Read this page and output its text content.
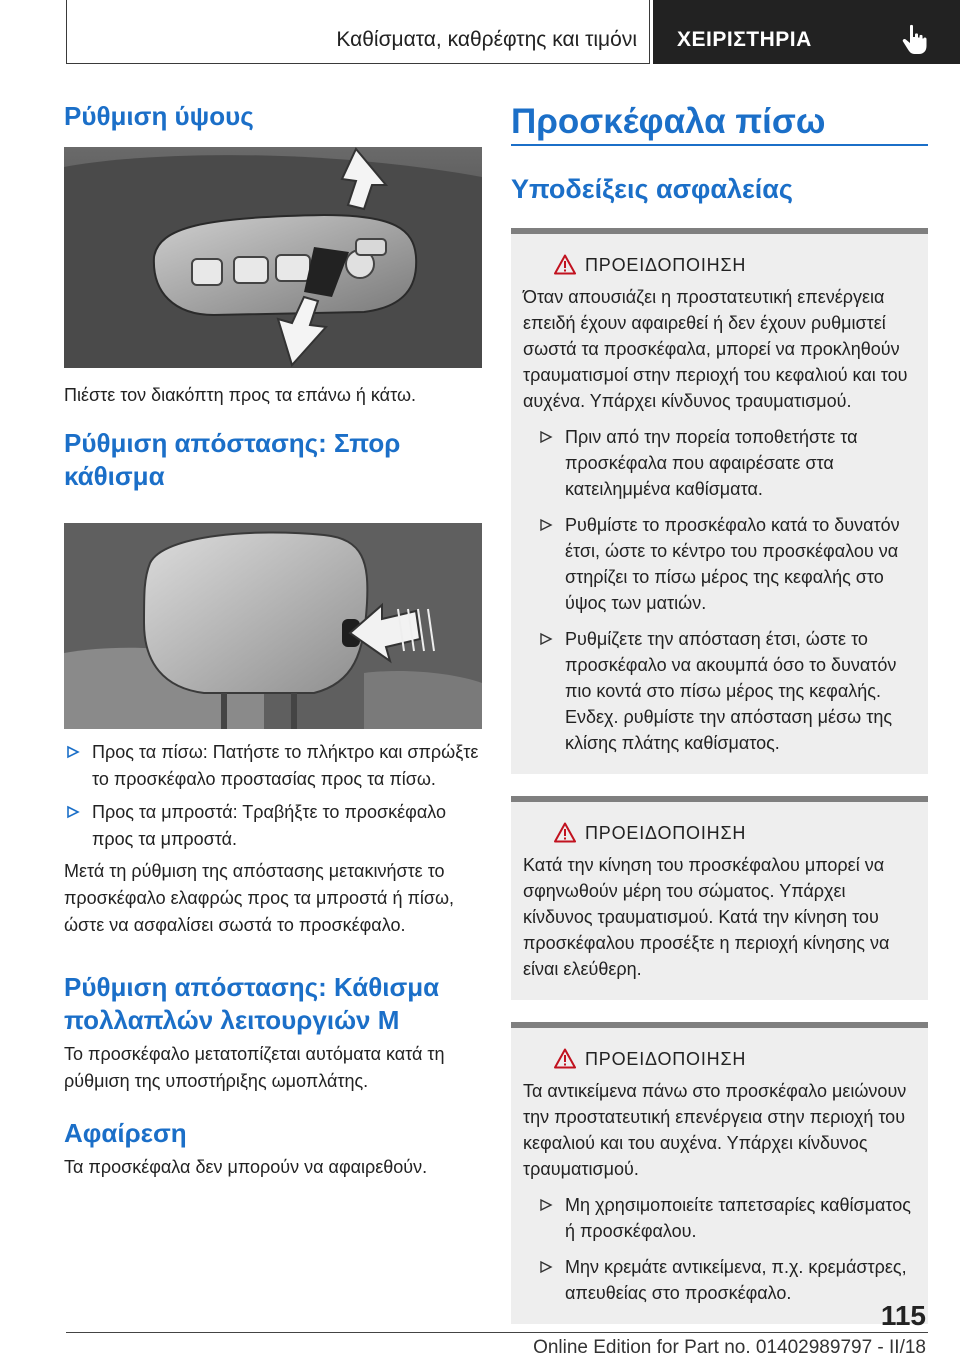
Καθίσματα, καθρέφτης και τιμόνι ΧΕΙΡΙΣΤΗΡΙΑ
Ρύθμιση ύψους

Πιέστε τον διακόπτη προς τα επάνω ή κάτω.

Ρύθμιση απόστασης: Σπορ κάθισμα
Προς τα πίσω: Πατήστε το πλήκτρο και σπρώξτε το προσκέφαλο προστασίας προς τα πίσω.
Προς τα μπροστά: Τραβήξτε το προσκέφαλο προς τα μπροστά.

Μετά τη ρύθμιση της απόστασης μετακινήστε το προσκέφαλο ελαφρώς προς τα μπροστά ή πίσω, ώστε να ασφαλίσει σωστά το προσκέφαλο.

Ρύθμιση απόστασης: Κάθισμα πολλαπλών λειτουργιών M

Το προσκέφαλο μετατοπίζεται αυτόματα κατά τη ρύθμιση της υποστήριξης ωμοπλάτης.

Αφαίρεση

Τα προσκέφαλα δεν μπορούν να αφαιρεθούν.

Προσκέφαλα πίσω
Υποδείξεις ασφαλείας
ΠΡΟΕΙΔΟΠΟΙΗΣΗ

Όταν απουσιάζει η προστατευτική επενέργεια επειδή έχουν αφαιρεθεί ή δεν έχουν ρυθμιστεί σωστά τα προσκέφαλα, μπορεί να προκληθούν τραυματισμοί στην περιοχή του κεφαλιού και του αυχένα. Υπάρχει κίνδυνος τραυματισμού.

Πριν από την πορεία τοποθετήστε τα προσκέφαλα που αφαιρέσατε στα κατειλημμένα καθίσματα.
Ρυθμίστε το προσκέφαλο κατά το δυνατόν έτσι, ώστε το κέντρο του προσκέφαλου να στηρίζει το πίσω μέρος της κεφαλής στο ύψος των ματιών.
Ρυθμίζετε την απόσταση έτσι, ώστε το προσκέφαλο να ακουμπά όσο το δυνατόν πιο κοντά στο πίσω μέρος της κεφαλής. Ενδεχ. ρυθμίστε την απόσταση μέσω της κλίσης πλάτης καθίσματος.
ΠΡΟΕΙΔΟΠΟΙΗΣΗ

Κατά την κίνηση του προσκέφαλου μπορεί να σφηνωθούν μέρη του σώματος. Υπάρχει κίνδυνος τραυματισμού. Κατά την κίνηση του προσκέφαλου προσέξτε η περιοχή κίνησης να είναι ελεύθερη.

ΠΡΟΕΙΔΟΠΟΙΗΣΗ

Τα αντικείμενα πάνω στο προσκέφαλο μειώνουν την προστατευτική επενέργεια στην περιοχή του κεφαλιού και του αυχένα. Υπάρχει κίνδυνος τραυματισμού.

Μη χρησιμοποιείτε ταπετσαρίες καθίσματος ή προσκέφαλου.
Μην κρεμάτε αντικείμενα, π.χ. κρεμάστρες, απευθείας στο προσκέφαλο.
115
Online Edition for Part no. 01402989797 - II/18
